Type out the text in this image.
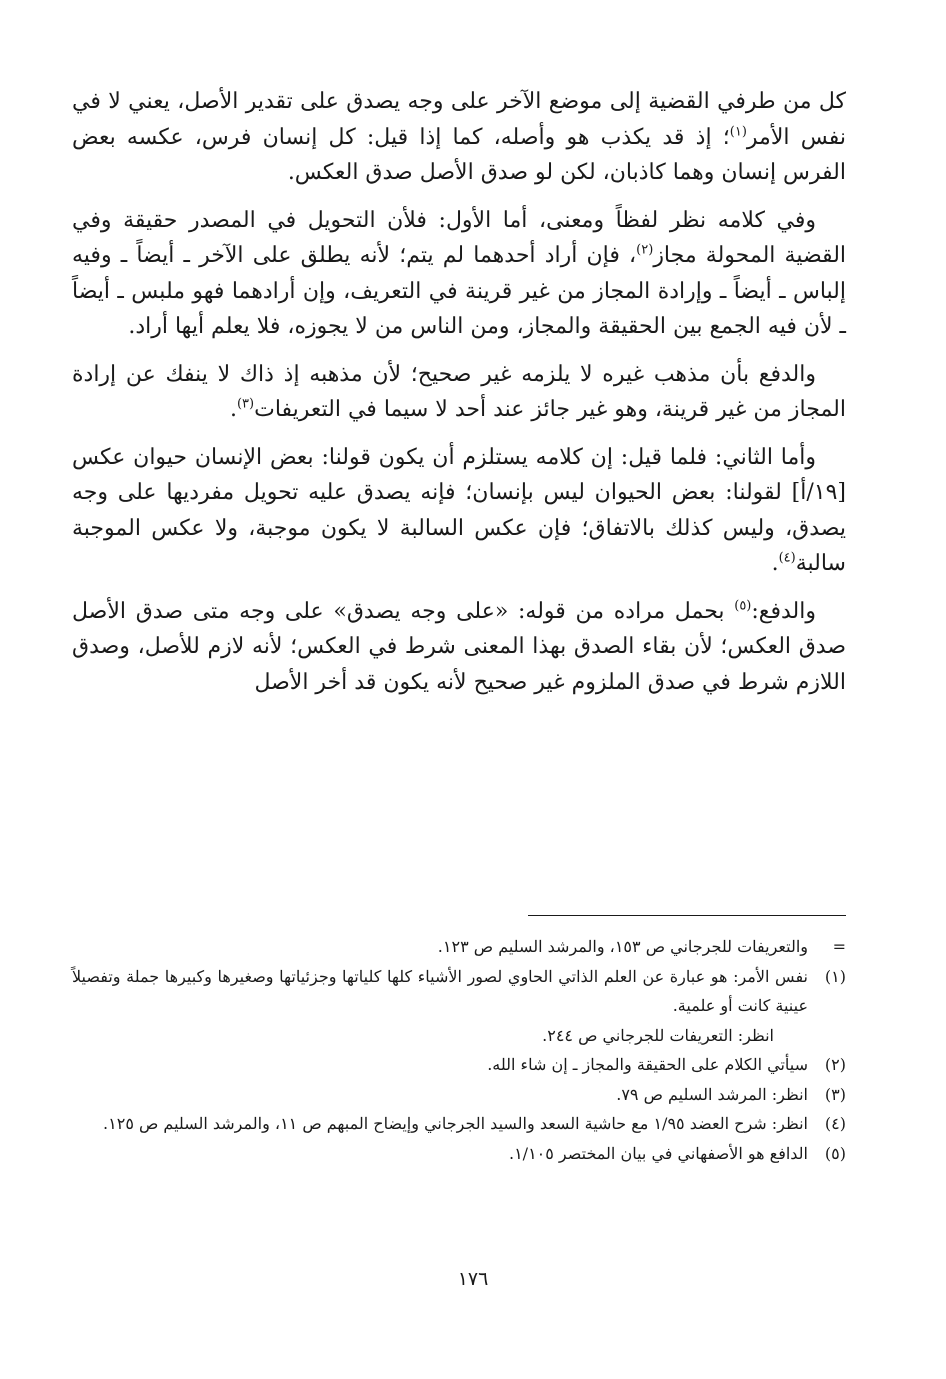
كل من طرفي القضية إلى موضع الآخر على وجه يصدق على تقدير الأصل، يعني لا في نفس الأمر$^{(١)}$؛ إذ قد يكذب هو وأصله، كما إذا قيل: كل إنسان فرس، عكسه بعض الفرس إنسان وهما كاذبان، لكن لو صدق الأصل صدق العكس.

وفي كلامه نظر لفظاً ومعنى، أما الأول: فلأن التحويل في المصدر حقيقة وفي القضية المحولة مجاز$^{(٢)}$، فإن أراد أحدهما لم يتم؛ لأنه يطلق على الآخر ـ أيضاً ـ وفيه إلباس ـ أيضاً ـ وإرادة المجاز من غير قرينة في التعريف، وإن أرادهما فهو ملبس ـ أيضاً ـ لأن فيه الجمع بين الحقيقة والمجاز، ومن الناس من لا يجوزه، فلا يعلم أيها أراد.

والدفع بأن مذهب غيره لا يلزمه غير صحيح؛ لأن مذهبه إذ ذاك لا ينفك عن إرادة المجاز من غير قرينة، وهو غير جائز عند أحد لا سيما في التعريفات$^{(٣)}$.

وأما الثاني: فلما قيل: إن كلامه يستلزم أن يكون قولنا: بعض الإنسان حيوان عكس [١٩/أ] لقولنا: بعض الحيوان ليس بإنسان؛ فإنه يصدق عليه تحويل مفرديها على وجه يصدق، وليس كذلك بالاتفاق؛ فإن عكس السالبة لا يكون موجبة، ولا عكس الموجبة سالبة$^{(٤)}$.

والدفع:$^{(٥)}$ بحمل مراده من قوله: «على وجه يصدق» على وجه متى صدق الأصل صدق العكس؛ لأن بقاء الصدق بهذا المعنى شرط في العكس؛ لأنه لازم للأصل، وصدق اللازم شرط في صدق الملزوم غير صحيح لأنه يكون قد أخر الأصل

=
والتعريفات للجرجاني ص ١٥٣، والمرشد السليم ص ١٢٣.
(١)
نفس الأمر: هو عبارة عن العلم الذاتي الحاوي لصور الأشياء كلها كلياتها وجزئياتها وصغيرها وكبيرها جملة وتفصيلاً عينية كانت أو علمية.
انظر: التعريفات للجرجاني ص ٢٤٤.
(٢)
سيأتي الكلام على الحقيقة والمجاز ـ إن شاء الله.
(٣)
انظر: المرشد السليم ص ٧٩.
(٤)
انظر: شرح العضد ١/٩٥ مع حاشية السعد والسيد الجرجاني وإيضاح المبهم ص ١١، والمرشد السليم ص ١٢٥.
(٥)
الدافع هو الأصفهاني في بيان المختصر ١/١٠٥.
١٧٦
